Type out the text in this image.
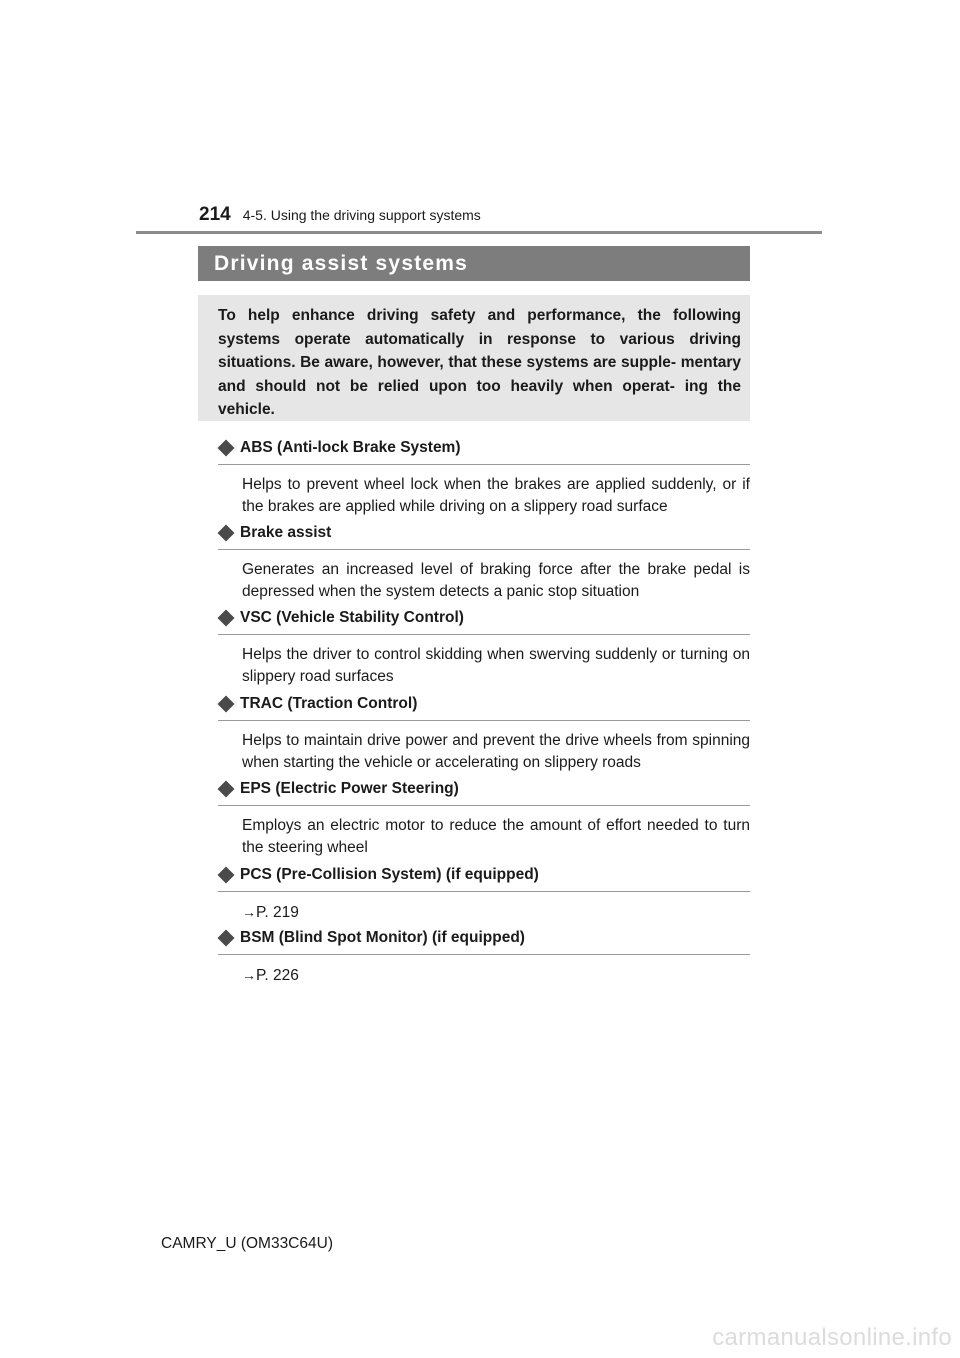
214 4-5. Using the driving support systems
Driving assist systems

To help enhance driving safety and performance, the following systems operate automatically in response to various driving situations. Be aware, however, that these systems are supple- mentary and should not be relied upon too heavily when operat- ing the vehicle.

ABS (Anti-lock Brake System)
Helps to prevent wheel lock when the brakes are applied suddenly, or if the brakes are applied while driving on a slippery road surface
Brake assist
Generates an increased level of braking force after the brake pedal is depressed when the system detects a panic stop situation
VSC (Vehicle Stability Control)
Helps the driver to control skidding when swerving suddenly or turning on slippery road surfaces
TRAC (Traction Control)
Helps to maintain drive power and prevent the drive wheels from spinning when starting the vehicle or accelerating on slippery roads
EPS (Electric Power Steering)
Employs an electric motor to reduce the amount of effort needed to turn the steering wheel
PCS (Pre-Collision System) (if equipped)
→P. 219
BSM (Blind Spot Monitor) (if equipped)
→P. 226
CAMRY_U (OM33C64U)
carmanualsonline.info
